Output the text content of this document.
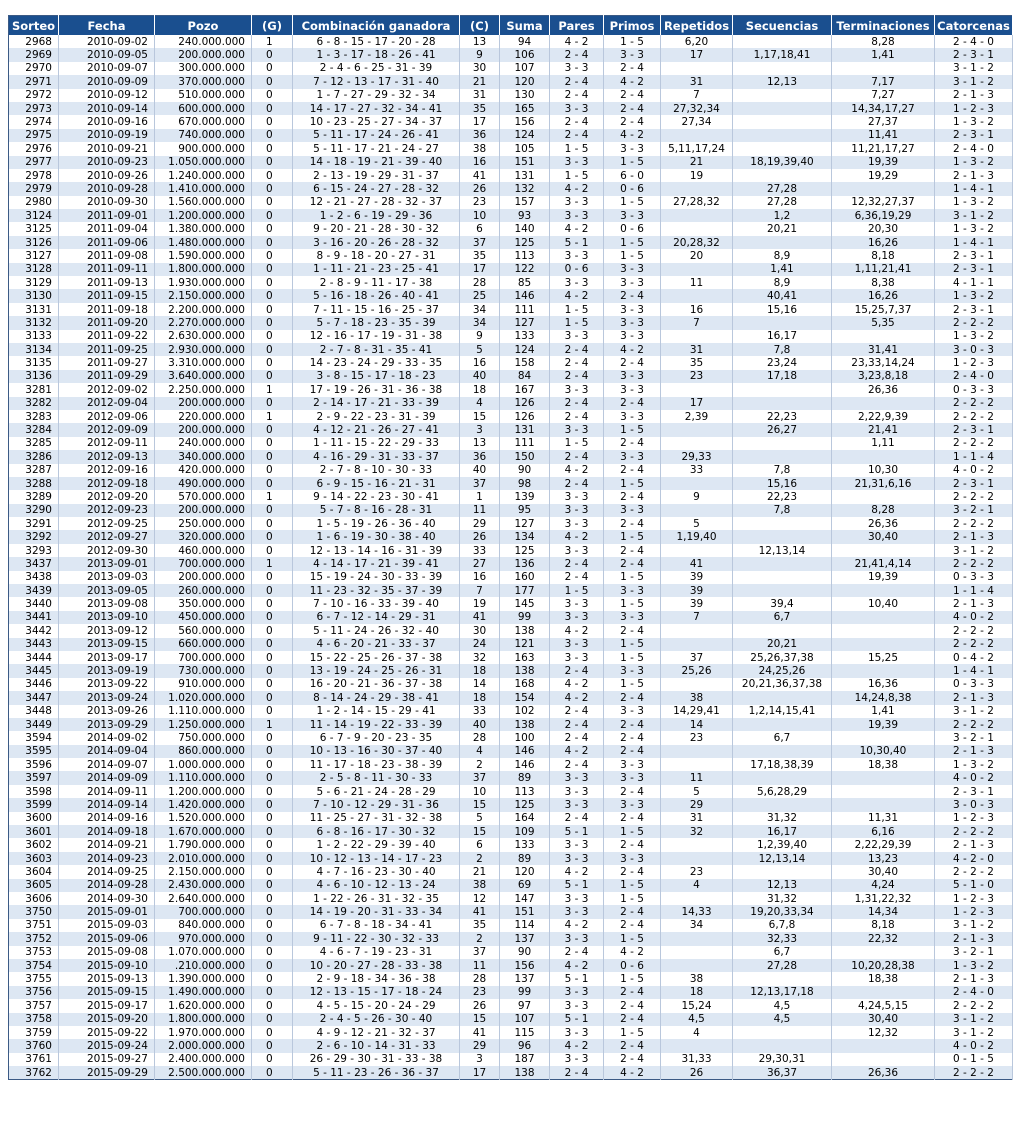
Sorteo	Fecha	Pozo	(G)	Combinación ganadora	(C)	Suma	Pares	Primos	Repetidos	Secuencias	Terminaciones	Catorcenas
2968	2010-09-02	240.000.000	1	6 - 8 - 15 - 17 - 20 - 28	13	94	4 - 2	1 - 5	6,20		8,28	2 - 4 - 0
2969	2010-09-05	200.000.000	0	1 - 3 - 17 - 18 - 26 - 41	9	106	2 - 4	3 - 3	17	1,17,18,41	1,41	2 - 3 - 1
2970	2010-09-07	300.000.000	0	2 - 4 - 6 - 25 - 31 - 39	30	107	3 - 3	2 - 4				3 - 1 - 2
2971	2010-09-09	370.000.000	0	7 - 12 - 13 - 17 - 31 - 40	21	120	2 - 4	4 - 2	31	12,13	7,17	3 - 1 - 2
2972	2010-09-12	510.000.000	0	1 - 7 - 27 - 29 - 32 - 34	31	130	2 - 4	2 - 4	7		7,27	2 - 1 - 3
2973	2010-09-14	600.000.000	0	14 - 17 - 27 - 32 - 34 - 41	35	165	3 - 3	2 - 4	27,32,34		14,34,17,27	1 - 2 - 3
2974	2010-09-16	670.000.000	0	10 - 23 - 25 - 27 - 34 - 37	17	156	2 - 4	2 - 4	27,34		27,37	1 - 3 - 2
2975	2010-09-19	740.000.000	0	5 - 11 - 17 - 24 - 26 - 41	36	124	2 - 4	4 - 2			11,41	2 - 3 - 1
2976	2010-09-21	900.000.000	0	5 - 11 - 17 - 21 - 24 - 27	38	105	1 - 5	3 - 3	5,11,17,24		11,21,17,27	2 - 4 - 0
2977	2010-09-23	1.050.000.000	0	14 - 18 - 19 - 21 - 39 - 40	16	151	3 - 3	1 - 5	21	18,19,39,40	19,39	1 - 3 - 2
2978	2010-09-26	1.240.000.000	0	2 - 13 - 19 - 29 - 31 - 37	41	131	1 - 5	6 - 0	19		19,29	2 - 1 - 3
2979	2010-09-28	1.410.000.000	0	6 - 15 - 24 - 27 - 28 - 32	26	132	4 - 2	0 - 6		27,28		1 - 4 - 1
2980	2010-09-30	1.560.000.000	0	12 - 21 - 27 - 28 - 32 - 37	23	157	3 - 3	1 - 5	27,28,32	27,28	12,32,27,37	1 - 3 - 2
3124	2011-09-01	1.200.000.000	0	1 - 2 - 6 - 19 - 29 - 36	10	93	3 - 3	3 - 3		1,2	6,36,19,29	3 - 1 - 2
3125	2011-09-04	1.380.000.000	0	9 - 20 - 21 - 28 - 30 - 32	6	140	4 - 2	0 - 6		20,21	20,30	1 - 3 - 2
3126	2011-09-06	1.480.000.000	0	3 - 16 - 20 - 26 - 28 - 32	37	125	5 - 1	1 - 5	20,28,32		16,26	1 - 4 - 1
3127	2011-09-08	1.590.000.000	0	8 - 9 - 18 - 20 - 27 - 31	35	113	3 - 3	1 - 5	20	8,9	8,18	2 - 3 - 1
3128	2011-09-11	1.800.000.000	0	1 - 11 - 21 - 23 - 25 - 41	17	122	0 - 6	3 - 3		1,41	1,11,21,41	2 - 3 - 1
3129	2011-09-13	1.930.000.000	0	2 - 8 - 9 - 11 - 17 - 38	28	85	3 - 3	3 - 3	11	8,9	8,38	4 - 1 - 1
3130	2011-09-15	2.150.000.000	0	5 - 16 - 18 - 26 - 40 - 41	25	146	4 - 2	2 - 4		40,41	16,26	1 - 3 - 2
3131	2011-09-18	2.200.000.000	0	7 - 11 - 15 - 16 - 25 - 37	34	111	1 - 5	3 - 3	16	15,16	15,25,7,37	2 - 3 - 1
3132	2011-09-20	2.270.000.000	0	5 - 7 - 18 - 23 - 35 - 39	34	127	1 - 5	3 - 3	7		5,35	2 - 2 - 2
3133	2011-09-22	2.630.000.000	0	12 - 16 - 17 - 19 - 31 - 38	9	133	3 - 3	3 - 3		16,17		1 - 3 - 2
3134	2011-09-25	2.930.000.000	0	2 - 7 - 8 - 31 - 35 - 41	5	124	2 - 4	4 - 2	31	7,8	31,41	3 - 0 - 3
3135	2011-09-27	3.310.000.000	0	14 - 23 - 24 - 29 - 33 - 35	16	158	2 - 4	2 - 4	35	23,24	23,33,14,24	1 - 2 - 3
3136	2011-09-29	3.640.000.000	0	3 - 8 - 15 - 17 - 18 - 23	40	84	2 - 4	3 - 3	23	17,18	3,23,8,18	2 - 4 - 0
3281	2012-09-02	2.250.000.000	1	17 - 19 - 26 - 31 - 36 - 38	18	167	3 - 3	3 - 3			26,36	0 - 3 - 3
3282	2012-09-04	200.000.000	0	2 - 14 - 17 - 21 - 33 - 39	4	126	2 - 4	2 - 4	17			2 - 2 - 2
3283	2012-09-06	220.000.000	1	2 - 9 - 22 - 23 - 31 - 39	15	126	2 - 4	3 - 3	2,39	22,23	2,22,9,39	2 - 2 - 2
3284	2012-09-09	200.000.000	0	4 - 12 - 21 - 26 - 27 - 41	3	131	3 - 3	1 - 5		26,27	21,41	2 - 3 - 1
3285	2012-09-11	240.000.000	0	1 - 11 - 15 - 22 - 29 - 33	13	111	1 - 5	2 - 4			1,11	2 - 2 - 2
3286	2012-09-13	340.000.000	0	4 - 16 - 29 - 31 - 33 - 37	36	150	2 - 4	3 - 3	29,33			1 - 1 - 4
3287	2012-09-16	420.000.000	0	2 - 7 - 8 - 10 - 30 - 33	40	90	4 - 2	2 - 4	33	7,8	10,30	4 - 0 - 2
3288	2012-09-18	490.000.000	0	6 - 9 - 15 - 16 - 21 - 31	37	98	2 - 4	1 - 5		15,16	21,31,6,16	2 - 3 - 1
3289	2012-09-20	570.000.000	1	9 - 14 - 22 - 23 - 30 - 41	1	139	3 - 3	2 - 4	9	22,23		2 - 2 - 2
3290	2012-09-23	200.000.000	0	5 - 7 - 8 - 16 - 28 - 31	11	95	3 - 3	3 - 3		7,8	8,28	3 - 2 - 1
3291	2012-09-25	250.000.000	0	1 - 5 - 19 - 26 - 36 - 40	29	127	3 - 3	2 - 4	5		26,36	2 - 2 - 2
3292	2012-09-27	320.000.000	0	1 - 6 - 19 - 30 - 38 - 40	26	134	4 - 2	1 - 5	1,19,40		30,40	2 - 1 - 3
3293	2012-09-30	460.000.000	0	12 - 13 - 14 - 16 - 31 - 39	33	125	3 - 3	2 - 4		12,13,14		3 - 1 - 2
3437	2013-09-01	700.000.000	1	4 - 14 - 17 - 21 - 39 - 41	27	136	2 - 4	2 - 4	41		21,41,4,14	2 - 2 - 2
3438	2013-09-03	200.000.000	0	15 - 19 - 24 - 30 - 33 - 39	16	160	2 - 4	1 - 5	39		19,39	0 - 3 - 3
3439	2013-09-05	260.000.000	0	11 - 23 - 32 - 35 - 37 - 39	7	177	1 - 5	3 - 3	39			1 - 1 - 4
3440	2013-09-08	350.000.000	0	7 - 10 - 16 - 33 - 39 - 40	19	145	3 - 3	1 - 5	39	39,4	10,40	2 - 1 - 3
3441	2013-09-10	450.000.000	0	6 - 7 - 12 - 14 - 29 - 31	41	99	3 - 3	3 - 3	7	6,7		4 - 0 - 2
3442	2013-09-12	560.000.000	0	5 - 11 - 24 - 26 - 32 - 40	30	138	4 - 2	2 - 4				2 - 2 - 2
3443	2013-09-15	660.000.000	0	4 - 6 - 20 - 21 - 33 - 37	24	121	3 - 3	1 - 5		20,21		2 - 2 - 2
3444	2013-09-17	700.000.000	0	15 - 22 - 25 - 26 - 37 - 38	32	163	3 - 3	1 - 5	37	25,26,37,38	15,25	0 - 4 - 2
3445	2013-09-19	730.000.000	0	13 - 19 - 24 - 25 - 26 - 31	18	138	2 - 4	3 - 3	25,26	24,25,26		1 - 4 - 1
3446	2013-09-22	910.000.000	0	16 - 20 - 21 - 36 - 37 - 38	14	168	4 - 2	1 - 5		20,21,36,37,38	16,36	0 - 3 - 3
3447	2013-09-24	1.020.000.000	0	8 - 14 - 24 - 29 - 38 - 41	18	154	4 - 2	2 - 4	38		14,24,8,38	2 - 1 - 3
3448	2013-09-26	1.110.000.000	0	1 - 2 - 14 - 15 - 29 - 41	33	102	2 - 4	3 - 3	14,29,41	1,2,14,15,41	1,41	3 - 1 - 2
3449	2013-09-29	1.250.000.000	1	11 - 14 - 19 - 22 - 33 - 39	40	138	2 - 4	2 - 4	14		19,39	2 - 2 - 2
3594	2014-09-02	750.000.000	0	6 - 7 - 9 - 20 - 23 - 35	28	100	2 - 4	2 - 4	23	6,7		3 - 2 - 1
3595	2014-09-04	860.000.000	0	10 - 13 - 16 - 30 - 37 - 40	4	146	4 - 2	2 - 4			10,30,40	2 - 1 - 3
3596	2014-09-07	1.000.000.000	0	11 - 17 - 18 - 23 - 38 - 39	2	146	2 - 4	3 - 3		17,18,38,39	18,38	1 - 3 - 2
3597	2014-09-09	1.110.000.000	0	2 - 5 - 8 - 11 - 30 - 33	37	89	3 - 3	3 - 3	11			4 - 0 - 2
3598	2014-09-11	1.200.000.000	0	5 - 6 - 21 - 24 - 28 - 29	10	113	3 - 3	2 - 4	5	5,6,28,29		2 - 3 - 1
3599	2014-09-14	1.420.000.000	0	7 - 10 - 12 - 29 - 31 - 36	15	125	3 - 3	3 - 3	29			3 - 0 - 3
3600	2014-09-16	1.520.000.000	0	11 - 25 - 27 - 31 - 32 - 38	5	164	2 - 4	2 - 4	31	31,32	11,31	1 - 2 - 3
3601	2014-09-18	1.670.000.000	0	6 - 8 - 16 - 17 - 30 - 32	15	109	5 - 1	1 - 5	32	16,17	6,16	2 - 2 - 2
3602	2014-09-21	1.790.000.000	0	1 - 2 - 22 - 29 - 39 - 40	6	133	3 - 3	2 - 4		1,2,39,40	2,22,29,39	2 - 1 - 3
3603	2014-09-23	2.010.000.000	0	10 - 12 - 13 - 14 - 17 - 23	2	89	3 - 3	3 - 3		12,13,14	13,23	4 - 2 - 0
3604	2014-09-25	2.150.000.000	0	4 - 7 - 16 - 23 - 30 - 40	21	120	4 - 2	2 - 4	23		30,40	2 - 2 - 2
3605	2014-09-28	2.430.000.000	0	4 - 6 - 10 - 12 - 13 - 24	38	69	5 - 1	1 - 5	4	12,13	4,24	5 - 1 - 0
3606	2014-09-30	2.640.000.000	0	1 - 22 - 26 - 31 - 32 - 35	12	147	3 - 3	1 - 5		31,32	1,31,22,32	1 - 2 - 3
3750	2015-09-01	700.000.000	0	14 - 19 - 20 - 31 - 33 - 34	41	151	3 - 3	2 - 4	14,33	19,20,33,34	14,34	1 - 2 - 3
3751	2015-09-03	840.000.000	0	6 - 7 - 8 - 18 - 34 - 41	35	114	4 - 2	2 - 4	34	6,7,8	8,18	3 - 1 - 2
3752	2015-09-06	970.000.000	0	9 - 11 - 22 - 30 - 32 - 33	2	137	3 - 3	1 - 5		32,33	22,32	2 - 1 - 3
3753	2015-09-08	1.070.000.000	0	4 - 6 - 7 - 19 - 23 - 31	37	90	2 - 4	4 - 2		6,7		3 - 2 - 1
3754	2015-09-10	.210.000.000	0	10 - 20 - 27 - 28 - 33 - 38	11	156	4 - 2	0 - 6		27,28	10,20,28,38	1 - 3 - 2
3755	2015-09-13	1.390.000.000	0	2 - 9 - 18 - 34 - 36 - 38	28	137	5 - 1	1 - 5	38		18,38	2 - 1 - 3
3756	2015-09-15	1.490.000.000	0	12 - 13 - 15 - 17 - 18 - 24	23	99	3 - 3	2 - 4	18	12,13,17,18		2 - 4 - 0
3757	2015-09-17	1.620.000.000	0	4 - 5 - 15 - 20 - 24 - 29	26	97	3 - 3	2 - 4	15,24	4,5	4,24,5,15	2 - 2 - 2
3758	2015-09-20	1.800.000.000	0	2 - 4 - 5 - 26 - 30 - 40	15	107	5 - 1	2 - 4	4,5	4,5	30,40	3 - 1 - 2
3759	2015-09-22	1.970.000.000	0	4 - 9 - 12 - 21 - 32 - 37	41	115	3 - 3	1 - 5	4		12,32	3 - 1 - 2
3760	2015-09-24	2.000.000.000	0	2 - 6 - 10 - 14 - 31 - 33	29	96	4 - 2	2 - 4				4 - 0 - 2
3761	2015-09-27	2.400.000.000	0	26 - 29 - 30 - 31 - 33 - 38	3	187	3 - 3	2 - 4	31,33	29,30,31		0 - 1 - 5
3762	2015-09-29	2.500.000.000	0	5 - 11 - 23 - 26 - 36 - 37	17	138	2 - 4	4 - 2	26	36,37	26,36	2 - 2 - 2
